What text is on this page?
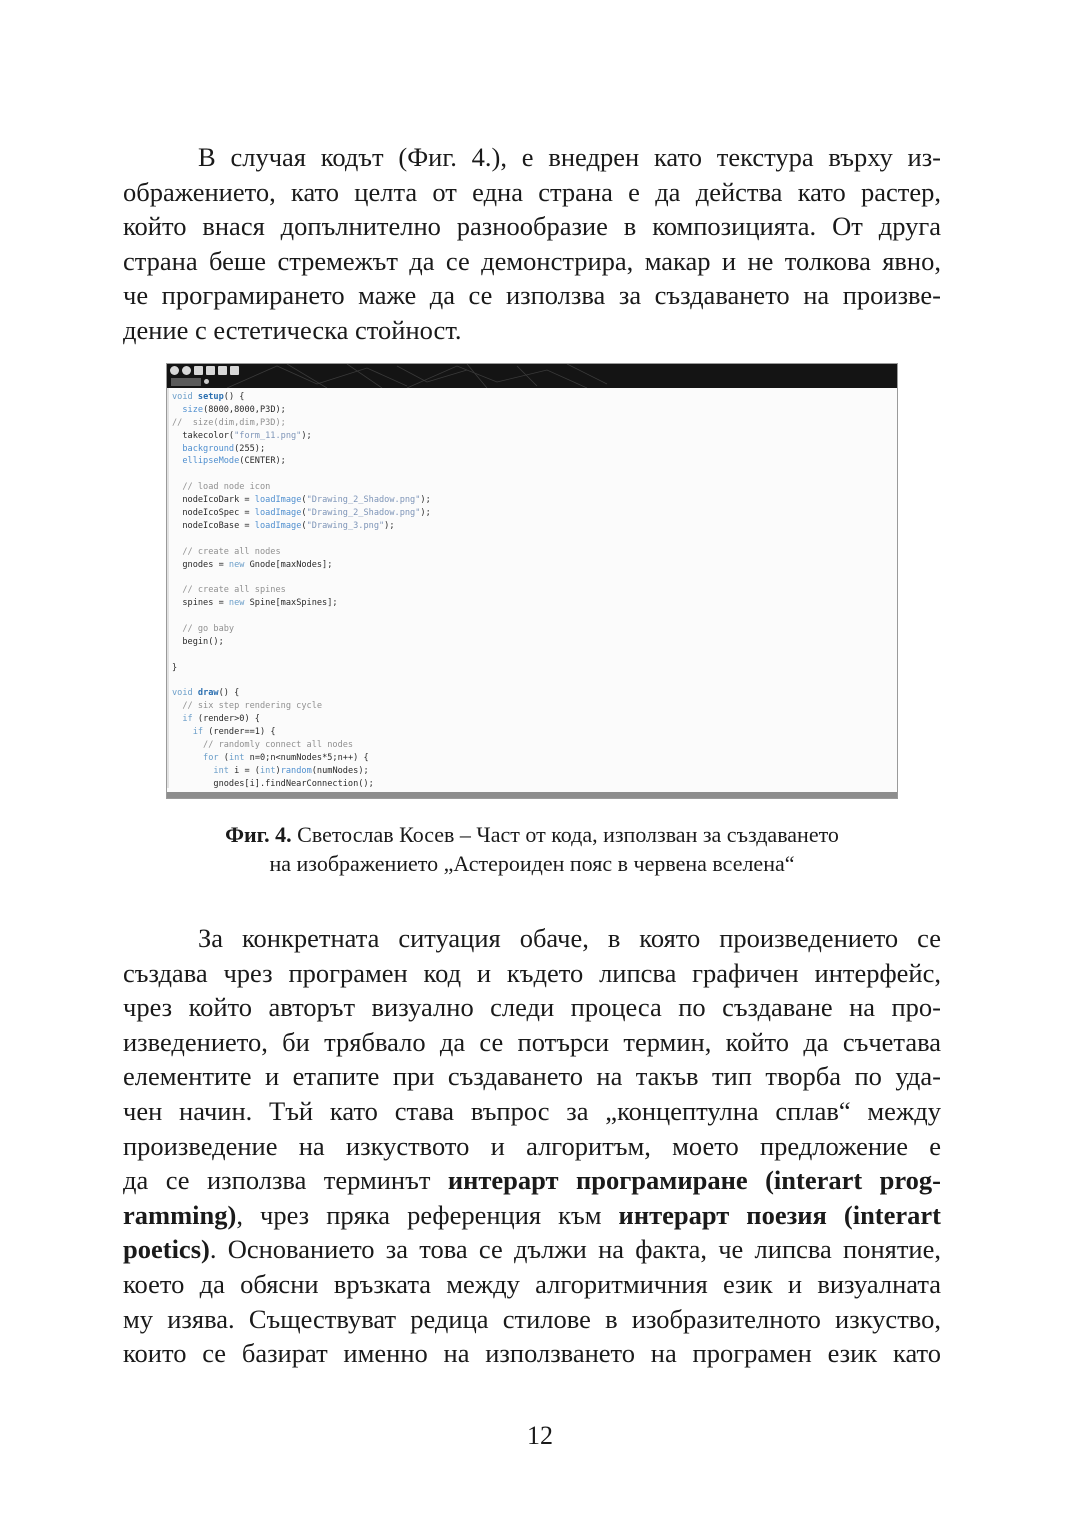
В случая кодът (Фиг. 4.), е внедрен като текстура върху из-
ображението, като целта от една страна е да действа като растер,
който внася допълнително разнообразие в композицията. От друга
страна беше стремежът да се демонстрира, макар и не толкова явно,
че програмирането маже да се използва за създаването на произве-
дение с естетическа стойност.
void setup() {
size(8000,8000,P3D);
//  size(dim,dim,P3D);
takecolor("form_11.png");
background(255);
ellipseMode(CENTER);
// load node icon
nodeIcoDark = loadImage("Drawing_2_Shadow.png");
nodeIcoSpec = loadImage("Drawing_2_Shadow.png");
nodeIcoBase = loadImage("Drawing_3.png");
// create all nodes
gnodes = new Gnode[maxNodes];
// create all spines
spines = new Spine[maxSpines];
// go baby
begin();
}
void draw() {
// six step rendering cycle
if (render>0) {
if (render==1) {
// randomly connect all nodes
for (int n=0;n<numNodes*5;n++) {
int i = (int)random(numNodes);
gnodes[i].findNearConnection();

Фиг. 4. Светослав Косев – Част от кода, използван за създаването
на изображението „Астероиден пояс в червена вселена“

За конкретната ситуация обаче, в която произведението се
създава чрез програмен код и където липсва графичен интерфейс,
чрез който авторът визуално следи процеса по създаване на про-
изведението, би трябвало да се потърси термин, който да съчетава
елементите и етапите при създаването на такъв тип творба по уда-
чен начин. Тъй като става въпрос за „концептулна сплав“ между
произведение на изкуството и алгоритъм, моето предложение е
да се използва терминът интерарт програмиране (interart prog-
ramming), чрез пряка референция към интерарт поезия (interart
poetics). Основанието за това се дължи на факта, че липсва понятие,
което да обясни връзката между алгоритмичния език и визуалната
му изява. Съществуват редица стилове в изобразителното изкуство,
които се базират именно на използването на програмен език като
12
